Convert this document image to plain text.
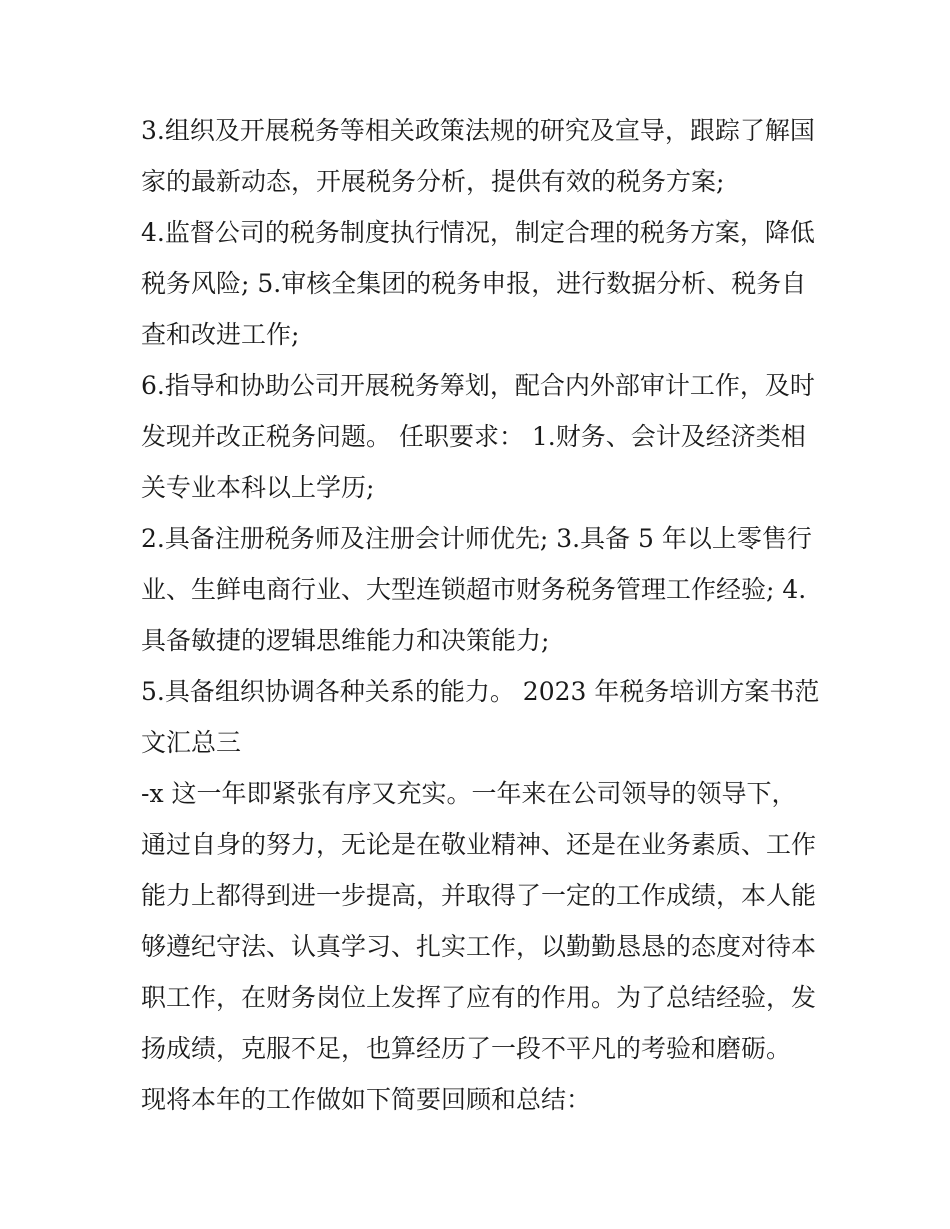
3.组织及开展税务等相关政策法规的研究及宣导，跟踪了解国
家的最新动态，开展税务分析，提供有效的税务方案;
4.监督公司的税务制度执行情况，制定合理的税务方案，降低
税务风险; 5.审核全集团的税务申报，进行数据分析、税务自
查和改进工作;
6.指导和协助公司开展税务筹划，配合内外部审计工作，及时
发现并改正税务问题。 任职要求： 1.财务、会计及经济类相
关专业本科以上学历;
2.具备注册税务师及注册会计师优先; 3.具备 5 年以上零售行
业、生鲜电商行业、大型连锁超市财务税务管理工作经验; 4.
具备敏捷的逻辑思维能力和决策能力;
5.具备组织协调各种关系的能力。 2023 年税务培训方案书范
文汇总三
-x 这一年即紧张有序又充实。一年来在公司领导的领导下，
通过自身的努力，无论是在敬业精神、还是在业务素质、工作
能力上都得到进一步提高，并取得了一定的工作成绩，本人能
够遵纪守法、认真学习、扎实工作，以勤勤恳恳的态度对待本
职工作，在财务岗位上发挥了应有的作用。为了总结经验，发
扬成绩，克服不足，也算经历了一段不平凡的考验和磨砺。
现将本年的工作做如下简要回顾和总结：
